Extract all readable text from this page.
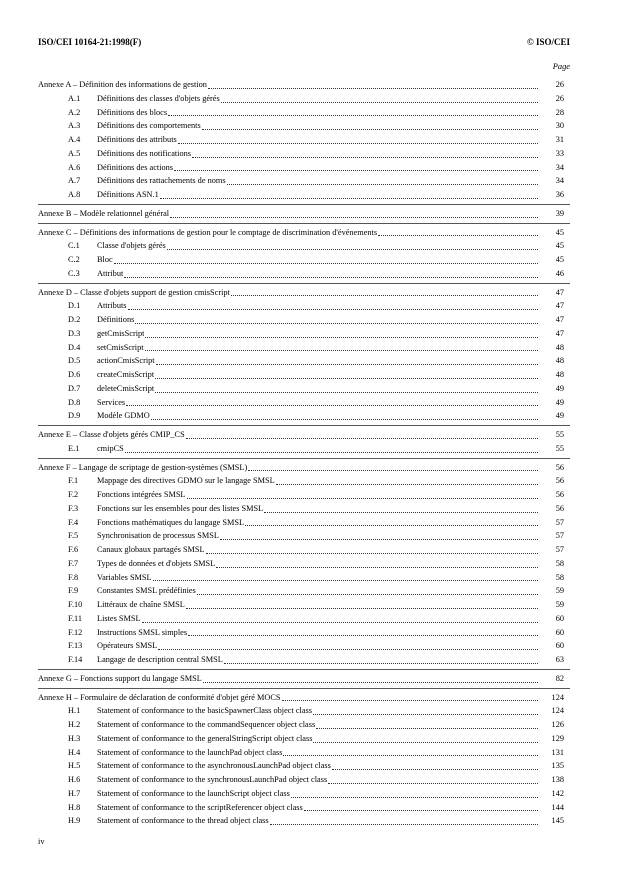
ISO/CEI 10164-21:1998(F)	© ISO/CEI
Page
Annexe A – Définition des informations de gestion	26
A.1	Définitions des classes d'objets gérés	26
A.2	Définitions des blocs	28
A.3	Définitions des comportements	30
A.4	Définitions des attributs	31
A.5	Définitions des notifications	33
A.6	Définitions des actions	34
A.7	Définitions des rattachements de noms	34
A.8	Définitions ASN.1	36
Annexe B – Modèle relationnel général	39
Annexe C – Définitions des informations de gestion pour le comptage de discrimination d'événements	45
C.1	Classe d'objets gérés	45
C.2	Bloc	45
C.3	Attribut	46
Annexe D – Classe d'objets support de gestion cmisScript	47
D.1	Attributs	47
D.2	Définitions	47
D.3	getCmisScript	47
D.4	setCmisScript	48
D.5	actionCmisScript	48
D.6	createCmisScript	48
D.7	deleteCmisScript	49
D.8	Services	49
D.9	Modèle GDMO	49
Annexe E – Classe d'objets gérés CMIP_CS	55
E.1	cmipCS	55
Annexe F – Langage de scriptage de gestion-systèmes (SMSL)	56
F.1	Mappage des directives GDMO sur le langage SMSL	56
F.2	Fonctions intégrées SMSL	56
F.3	Fonctions sur les ensembles pour des listes SMSL	56
F.4	Fonctions mathématiques du langage SMSL	57
F.5	Synchronisation de processus SMSL	57
F.6	Canaux globaux partagés SMSL	57
F.7	Types de données et d'objets SMSL	58
F.8	Variables SMSL	58
F.9	Constantes SMSL prédéfinies	59
F.10	Littéraux de chaîne SMSL	59
F.11	Listes SMSL	60
F.12	Instructions SMSL simples	60
F.13	Opérateurs SMSL	60
F.14	Langage de description central SMSL	63
Annexe G – Fonctions support du langage SMSL	82
Annexe H – Formulaire de déclaration de conformité d'objet géré MOCS	124
H.1	Statement of conformance to the basicSpawnerClass object class	124
H.2	Statement of conformance to the commandSequencer object class	126
H.3	Statement of conformance to the generalStringScript object class	129
H.4	Statement of conformance to the launchPad object class	131
H.5	Statement of conformance to the asynchronousLaunchPad object class	135
H.6	Statement of conformance to the synchronousLaunchPad object class	138
H.7	Statement of conformance to the launchScript object class	142
H.8	Statement of conformance to the scriptReferencer object class	144
H.9	Statement of conformance to the thread object class	145
iv
